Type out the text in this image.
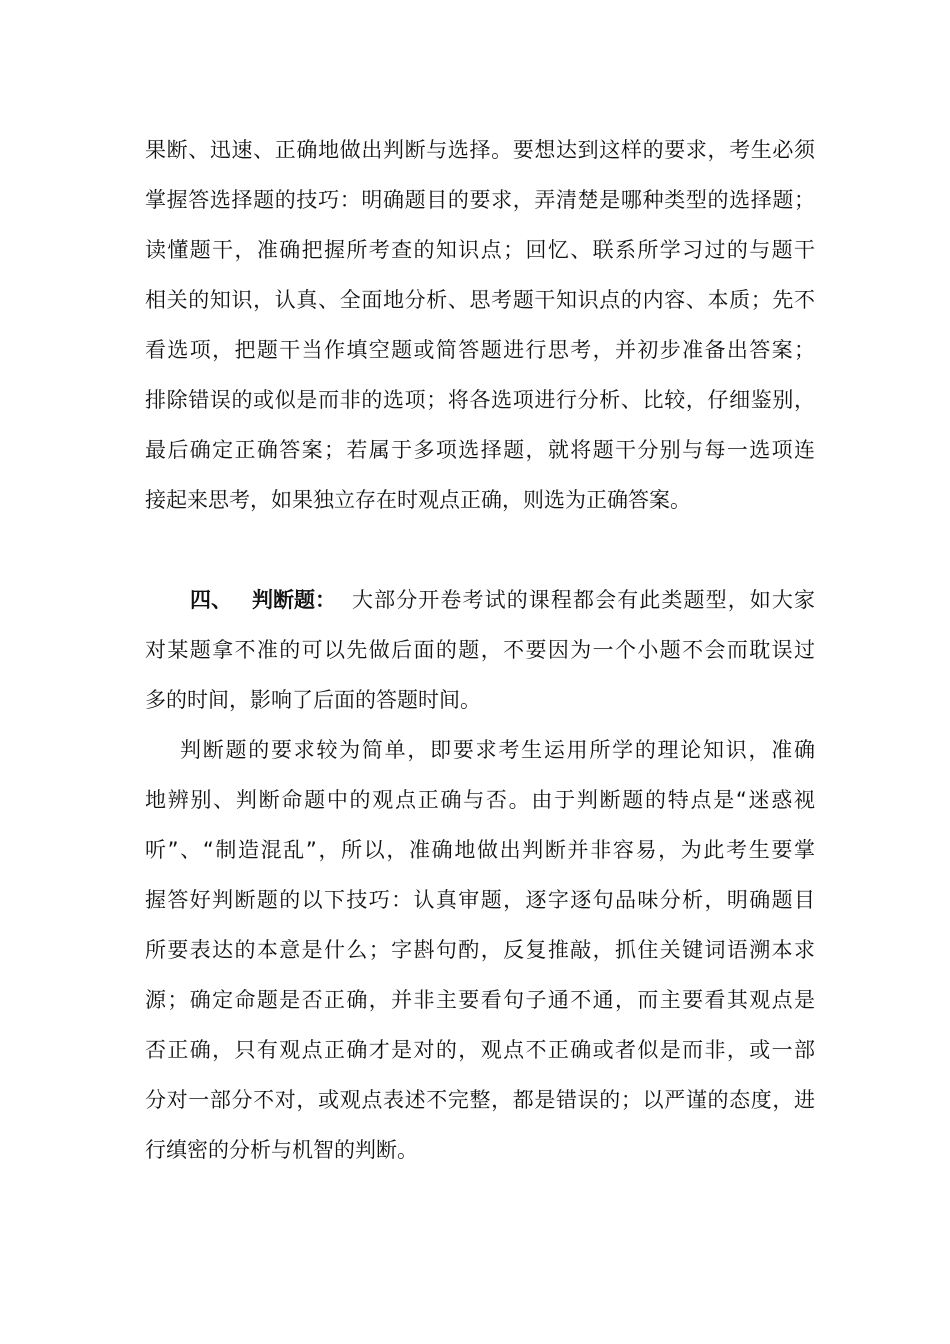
果断、迅速、正确地做出判断与选择。要想达到这样的要求，考生必须
掌握答选择题的技巧：明确题目的要求，弄清楚是哪种类型的选择题；
读懂题干，准确把握所考查的知识点；回忆、联系所学习过的与题干
相关的知识，认真、全面地分析、思考题干知识点的内容、本质；先不
看选项，把题干当作填空题或简答题进行思考，并初步准备出答案；
排除错误的或似是而非的选项；将各选项进行分析、比较，仔细鉴别，
最后确定正确答案；若属于多项选择题，就将题干分别与每一选项连
接起来思考，如果独立存在时观点正确，则选为正确答案。
四、 判断题： 大部分开卷考试的课程都会有此类题型，如大家
对某题拿不准的可以先做后面的题，不要因为一个小题不会而耽误过
多的时间，影响了后面的答题时间。
判断题的要求较为简单，即要求考生运用所学的理论知识，准确
地辨别、判断命题中的观点正确与否。由于判断题的特点是“迷惑视
听”、“制造混乱”，所以，准确地做出判断并非容易，为此考生要掌
握答好判断题的以下技巧：认真审题，逐字逐句品味分析，明确题目
所要表达的本意是什么；字斟句酌，反复推敲，抓住关键词语溯本求
源；确定命题是否正确，并非主要看句子通不通，而主要看其观点是
否正确，只有观点正确才是对的，观点不正确或者似是而非，或一部
分对一部分不对，或观点表述不完整，都是错误的；以严谨的态度，进
行缜密的分析与机智的判断。
